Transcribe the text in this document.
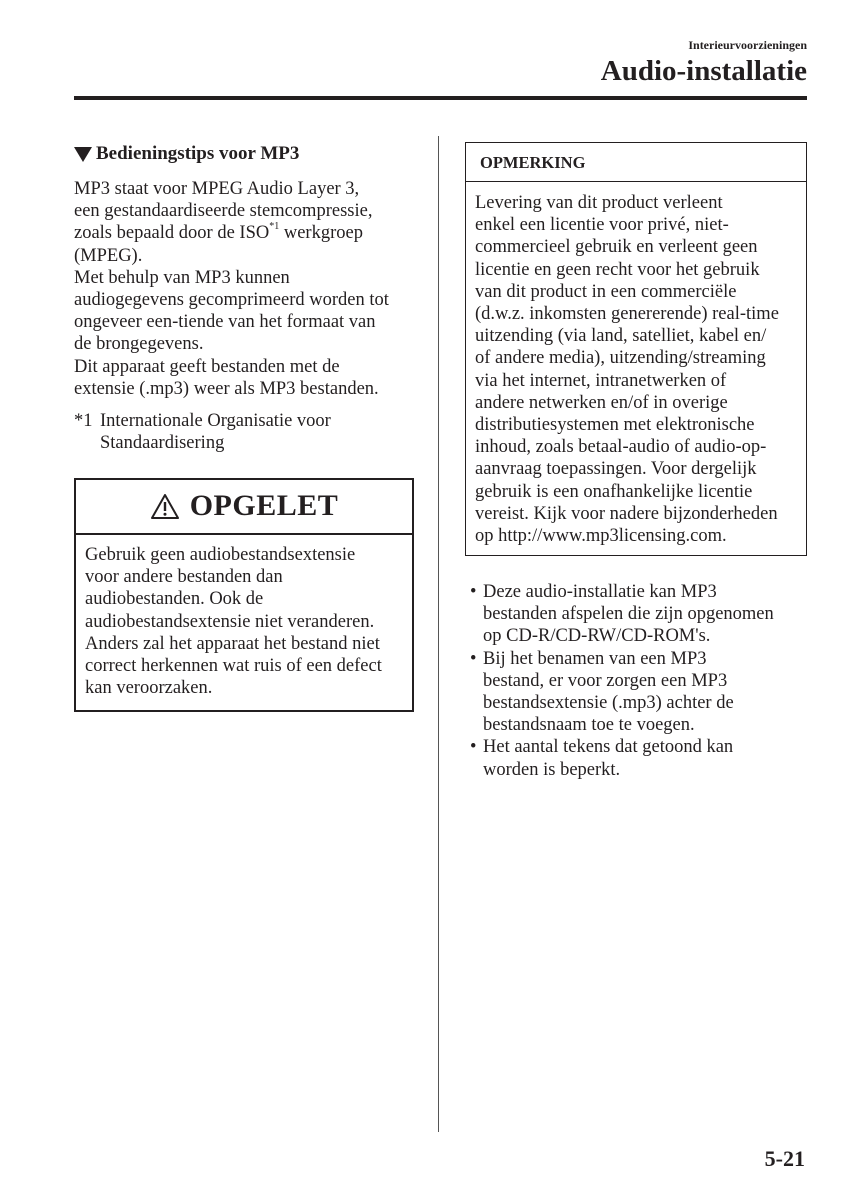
Interieurvoorzieningen
Audio-installatie
Bedieningstips voor MP3
MP3 staat voor MPEG Audio Layer 3,
een gestandaardiseerde stemcompressie,
zoals bepaald door de ISO$^{*1}$ werkgroep
(MPEG).
Met behulp van MP3 kunnen
audiogegevens gecomprimeerd worden tot
ongeveer een-tiende van het formaat van
de brongegevens.
Dit apparaat geeft bestanden met de
extensie (.mp3) weer als MP3 bestanden.
*1 Internationale Organisatie voor
Standaardisering
OPGELET
Gebruik geen audiobestandsextensie
voor andere bestanden dan
audiobestanden. Ook de
audiobestandsextensie niet veranderen.
Anders zal het apparaat het bestand niet
correct herkennen wat ruis of een defect
kan veroorzaken.
OPMERKING
Levering van dit product verleent
enkel een licentie voor privé, niet-
commercieel gebruik en verleent geen
licentie en geen recht voor het gebruik
van dit product in een commerciële
(d.w.z. inkomsten genererende) real-time
uitzending (via land, satelliet, kabel en/
of andere media), uitzending/streaming
via het internet, intranetwerken of
andere netwerken en/of in overige
distributiesystemen met elektronische
inhoud, zoals betaal-audio of audio-op-
aanvraag toepassingen. Voor dergelijk
gebruik is een onafhankelijke licentie
vereist. Kijk voor nadere bijzonderheden
op http://www.mp3licensing.com.
• Deze audio-installatie kan MP3
bestanden afspelen die zijn opgenomen
op CD-R/CD-RW/CD-ROM's.
• Bij het benamen van een MP3
bestand, er voor zorgen een MP3
bestandsextensie (.mp3) achter de
bestandsnaam toe te voegen.
• Het aantal tekens dat getoond kan
worden is beperkt.
5-21
